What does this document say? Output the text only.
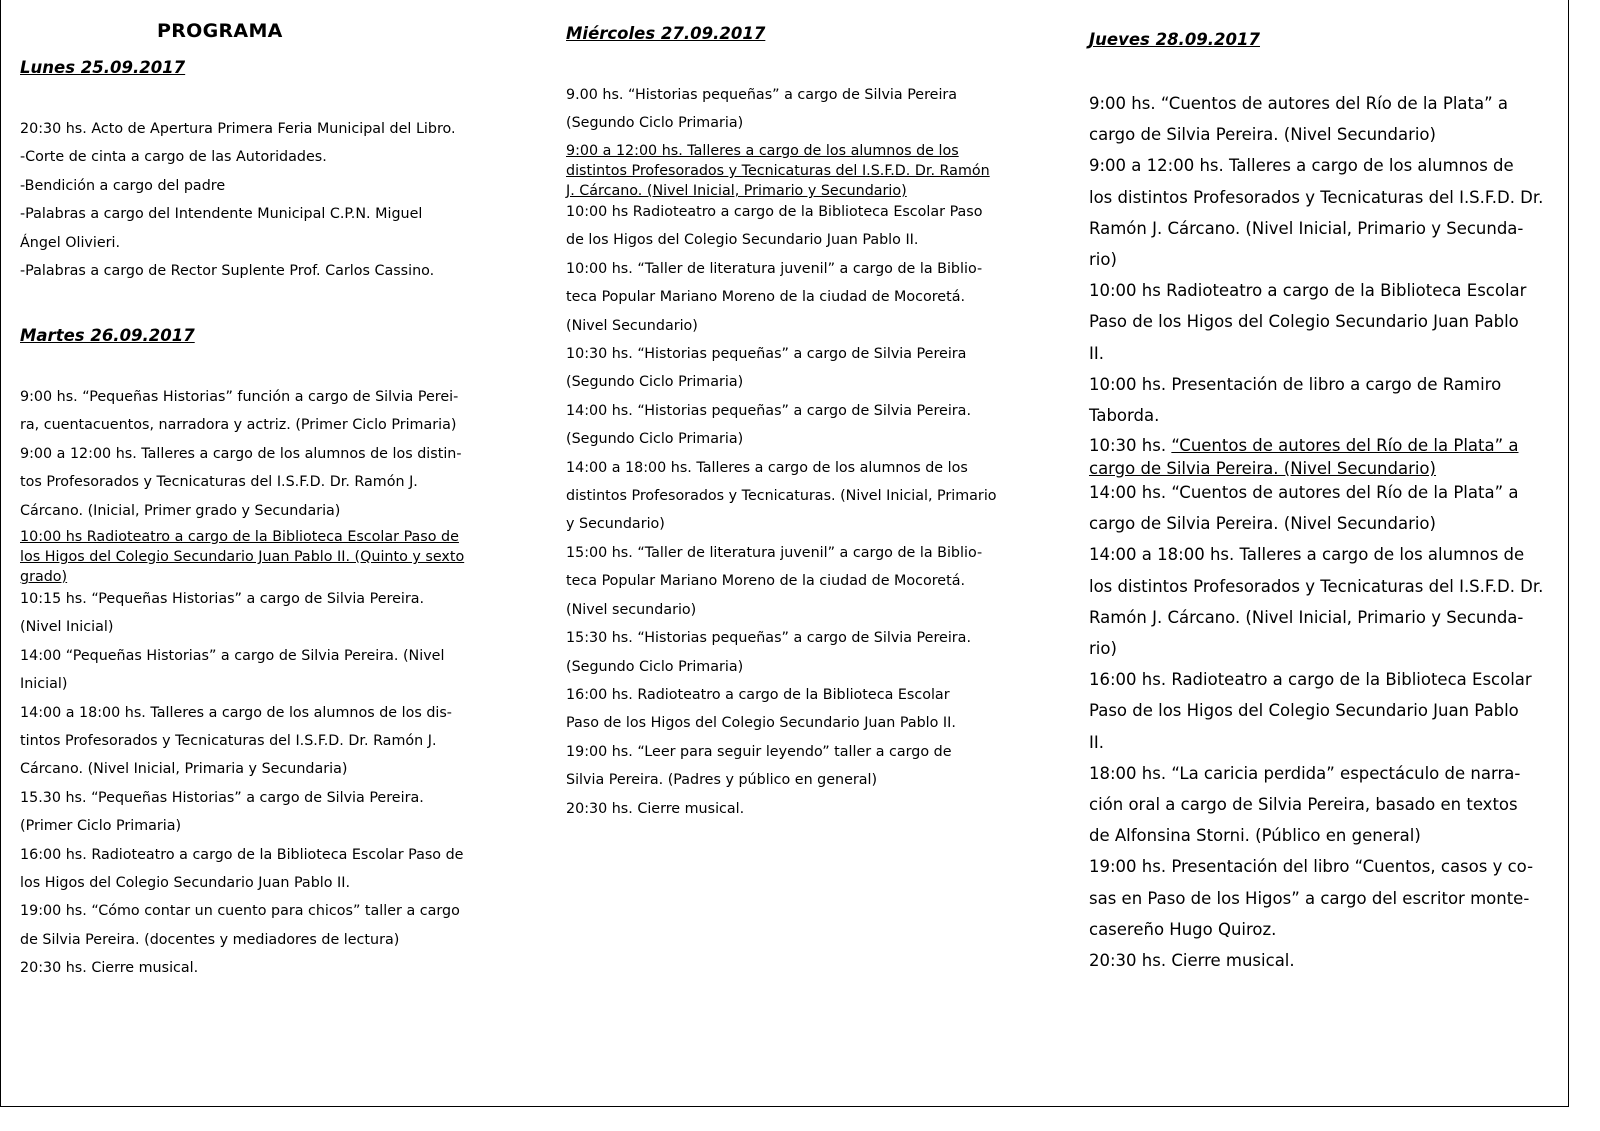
PROGRAMA
Lunes 25.09.2017
20:30 hs. Acto de Apertura Primera Feria Municipal del Libro.
-Corte de cinta a cargo de las Autoridades.
-Bendición a cargo del padre
-Palabras a cargo del Intendente Municipal C.P.N. Miguel
Ángel Olivieri.
-Palabras a cargo de Rector Suplente Prof. Carlos Cassino.
Martes 26.09.2017
9:00 hs. “Pequeñas Historias” función a cargo de Silvia Perei-
ra, cuentacuentos, narradora y actriz. (Primer Ciclo Primaria)
9:00 a 12:00 hs. Talleres a cargo de los alumnos de los distin-
tos Profesorados y Tecnicaturas del I.S.F.D. Dr. Ramón J.
Cárcano. (Inicial, Primer grado y Secundaria)
10:00 hs Radioteatro a cargo de la Biblioteca Escolar Paso de
los Higos del Colegio Secundario Juan Pablo II. (Quinto y sexto
grado)
10:15 hs. “Pequeñas Historias” a cargo de Silvia Pereira.
(Nivel Inicial)
14:00 “Pequeñas Historias” a cargo de Silvia Pereira. (Nivel
Inicial)
14:00 a 18:00 hs. Talleres a cargo de los alumnos de los dis-
tintos Profesorados y Tecnicaturas del I.S.F.D. Dr. Ramón J.
Cárcano. (Nivel Inicial, Primaria y Secundaria)
15.30 hs. “Pequeñas Historias” a cargo de Silvia Pereira.
(Primer Ciclo Primaria)
16:00 hs. Radioteatro a cargo de la Biblioteca Escolar Paso de
los Higos del Colegio Secundario Juan Pablo II.
19:00 hs. “Cómo contar un cuento para chicos” taller a cargo
de Silvia Pereira. (docentes y mediadores de lectura)
20:30 hs. Cierre musical.
Miércoles 27.09.2017
9.00 hs. “Historias pequeñas” a cargo de Silvia Pereira
(Segundo Ciclo Primaria)
9:00 a 12:00 hs. Talleres a cargo de los alumnos de los
distintos Profesorados y Tecnicaturas del I.S.F.D. Dr. Ramón
J. Cárcano. (Nivel Inicial, Primario y Secundario)
10:00 hs Radioteatro a cargo de la Biblioteca Escolar Paso
de los Higos del Colegio Secundario Juan Pablo II.
10:00 hs. “Taller de literatura juvenil” a cargo de la Biblio-
teca Popular Mariano Moreno de la ciudad de Mocoretá.
(Nivel Secundario)
10:30 hs. “Historias pequeñas” a cargo de Silvia Pereira
(Segundo Ciclo Primaria)
14:00 hs. “Historias pequeñas” a cargo de Silvia Pereira.
(Segundo Ciclo Primaria)
14:00 a 18:00 hs. Talleres a cargo de los alumnos de los
distintos Profesorados y Tecnicaturas. (Nivel Inicial, Primario
y Secundario)
15:00 hs. “Taller de literatura juvenil” a cargo de la Biblio-
teca Popular Mariano Moreno de la ciudad de Mocoretá.
(Nivel secundario)
15:30 hs. “Historias pequeñas” a cargo de Silvia Pereira.
(Segundo Ciclo Primaria)
16:00 hs. Radioteatro a cargo de la Biblioteca Escolar
Paso de los Higos del Colegio Secundario Juan Pablo II.
19:00 hs. “Leer para seguir leyendo” taller a cargo de
Silvia Pereira. (Padres y público en general)
20:30 hs. Cierre musical.
Jueves 28.09.2017
9:00 hs. “Cuentos de autores del Río de la Plata” a
cargo de Silvia Pereira. (Nivel Secundario)
9:00 a 12:00 hs. Talleres a cargo de los alumnos de
los distintos Profesorados y Tecnicaturas del I.S.F.D. Dr.
Ramón J. Cárcano. (Nivel Inicial, Primario y Secunda-
rio)
10:00 hs Radioteatro a cargo de la Biblioteca Escolar
Paso de los Higos del Colegio Secundario Juan Pablo
II.
10:00 hs. Presentación de libro a cargo de Ramiro
Taborda.
10:30 hs. “Cuentos de autores del Río de la Plata” a
cargo de Silvia Pereira. (Nivel Secundario)
14:00 hs. “Cuentos de autores del Río de la Plata” a
cargo de Silvia Pereira. (Nivel Secundario)
14:00 a 18:00 hs. Talleres a cargo de los alumnos de
los distintos Profesorados y Tecnicaturas del I.S.F.D. Dr.
Ramón J. Cárcano. (Nivel Inicial, Primario y Secunda-
rio)
16:00 hs. Radioteatro a cargo de la Biblioteca Escolar
Paso de los Higos del Colegio Secundario Juan Pablo
II.
18:00 hs. “La caricia perdida” espectáculo de narra-
ción oral a cargo de Silvia Pereira, basado en textos
de Alfonsina Storni. (Público en general)
19:00 hs. Presentación del libro “Cuentos, casos y co-
sas en Paso de los Higos” a cargo del escritor monte-
casereño Hugo Quiroz.
20:30 hs. Cierre musical.
